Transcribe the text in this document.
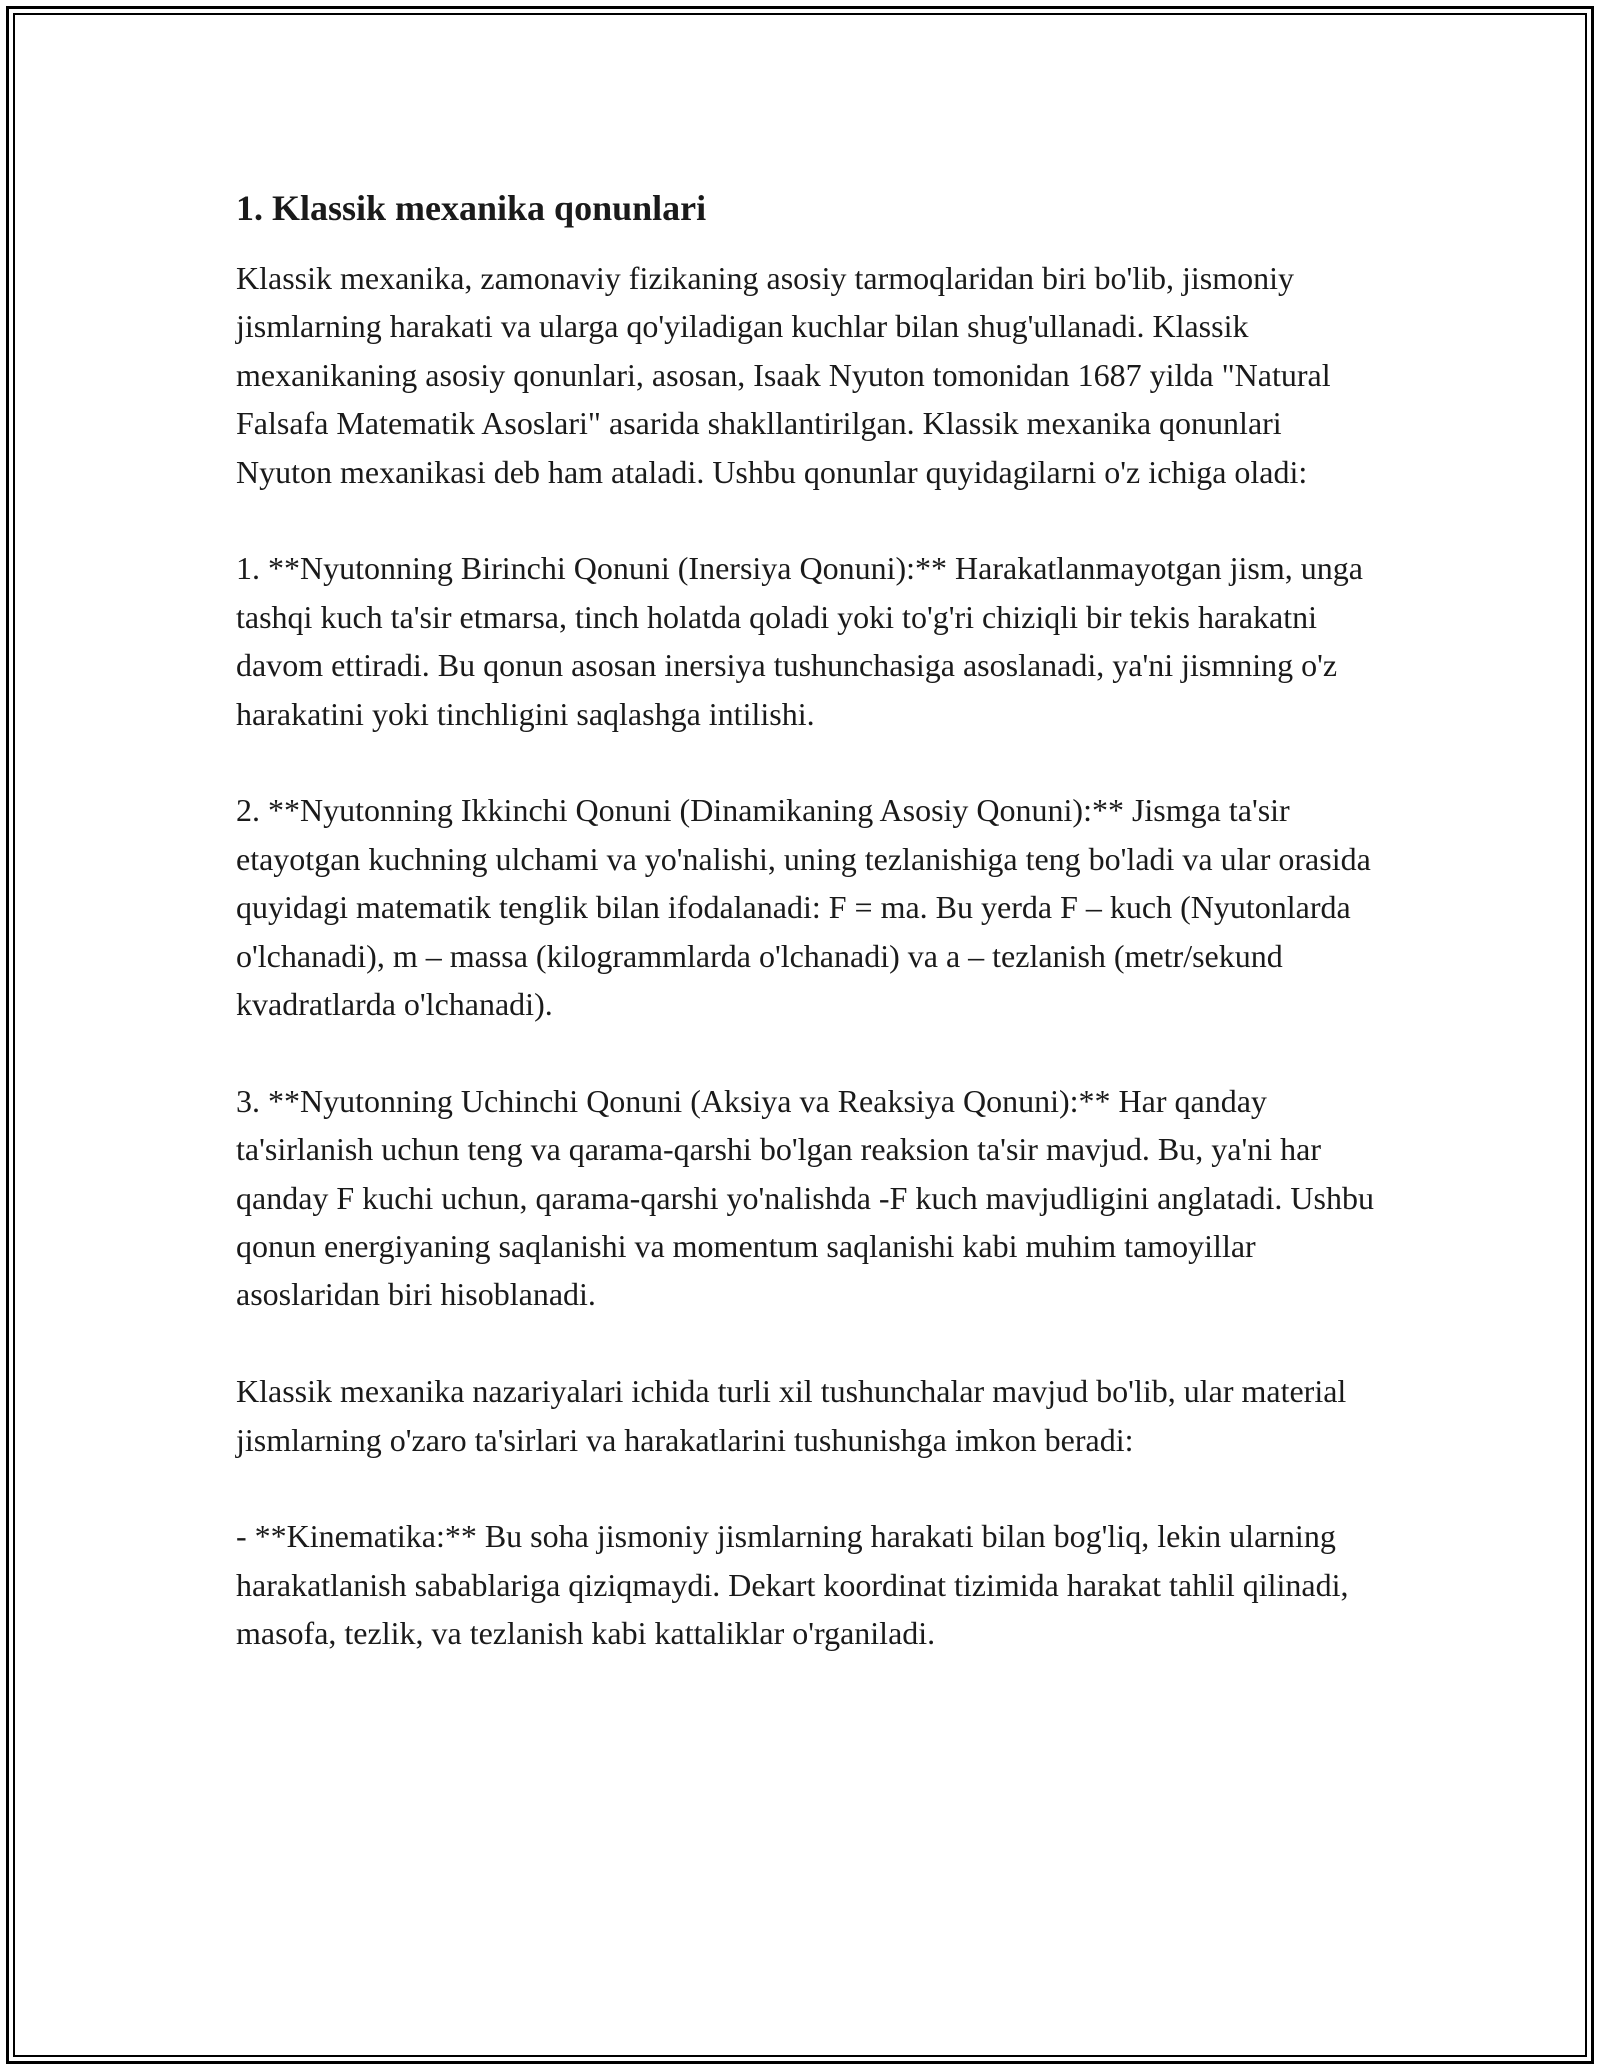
1. Klassik mexanika qonunlari

Klassik mexanika, zamonaviy fizikaning asosiy tarmoqlaridan biri bo'lib, jismoniy jismlarning harakati va ularga qo'yiladigan kuchlar bilan shug'ullanadi. Klassik mexanikaning asosiy qonunlari, asosan, Isaak Nyuton tomonidan 1687 yilda "Natural Falsafa Matematik Asoslari" asarida shakllantirilgan. Klassik mexanika qonunlari Nyuton mexanikasi deb ham ataladi. Ushbu qonunlar quyidagilarni o'z ichiga oladi:

1. **Nyutonning Birinchi Qonuni (Inersiya Qonuni):** Harakatlanmayotgan jism, unga tashqi kuch ta'sir etmarsa, tinch holatda qoladi yoki to'g'ri chiziqli bir tekis harakatni davom ettiradi. Bu qonun asosan inersiya tushunchasiga asoslanadi, ya'ni jismning o'z harakatini yoki tinchligini saqlashga intilishi.

2. **Nyutonning Ikkinchi Qonuni (Dinamikaning Asosiy Qonuni):** Jismga ta'sir etayotgan kuchning ulchami va yo'nalishi, uning tezlanishiga teng bo'ladi va ular orasida quyidagi matematik tenglik bilan ifodalanadi: F = ma. Bu yerda F – kuch (Nyutonlarda o'lchanadi), m – massa (kilogrammlarda o'lchanadi) va a – tezlanish (metr/sekund kvadratlarda o'lchanadi).

3. **Nyutonning Uchinchi Qonuni (Aksiya va Reaksiya Qonuni):** Har qanday ta'sirlanish uchun teng va qarama-qarshi bo'lgan reaksion ta'sir mavjud. Bu, ya'ni har qanday F kuchi uchun, qarama-qarshi yo'nalishda -F kuch mavjudligini anglatadi. Ushbu qonun energiyaning saqlanishi va momentum saqlanishi kabi muhim tamoyillar asoslaridan biri hisoblanadi.

Klassik mexanika nazariyalari ichida turli xil tushunchalar mavjud bo'lib, ular material jismlarning o'zaro ta'sirlari va harakatlarini tushunishga imkon beradi:

- **Kinematika:** Bu soha jismoniy jismlarning harakati bilan bog'liq, lekin ularning harakatlanish sabablariga qiziqmaydi. Dekart koordinat tizimida harakat tahlil qilinadi, masofa, tezlik, va tezlanish kabi kattaliklar o'rganiladi.
